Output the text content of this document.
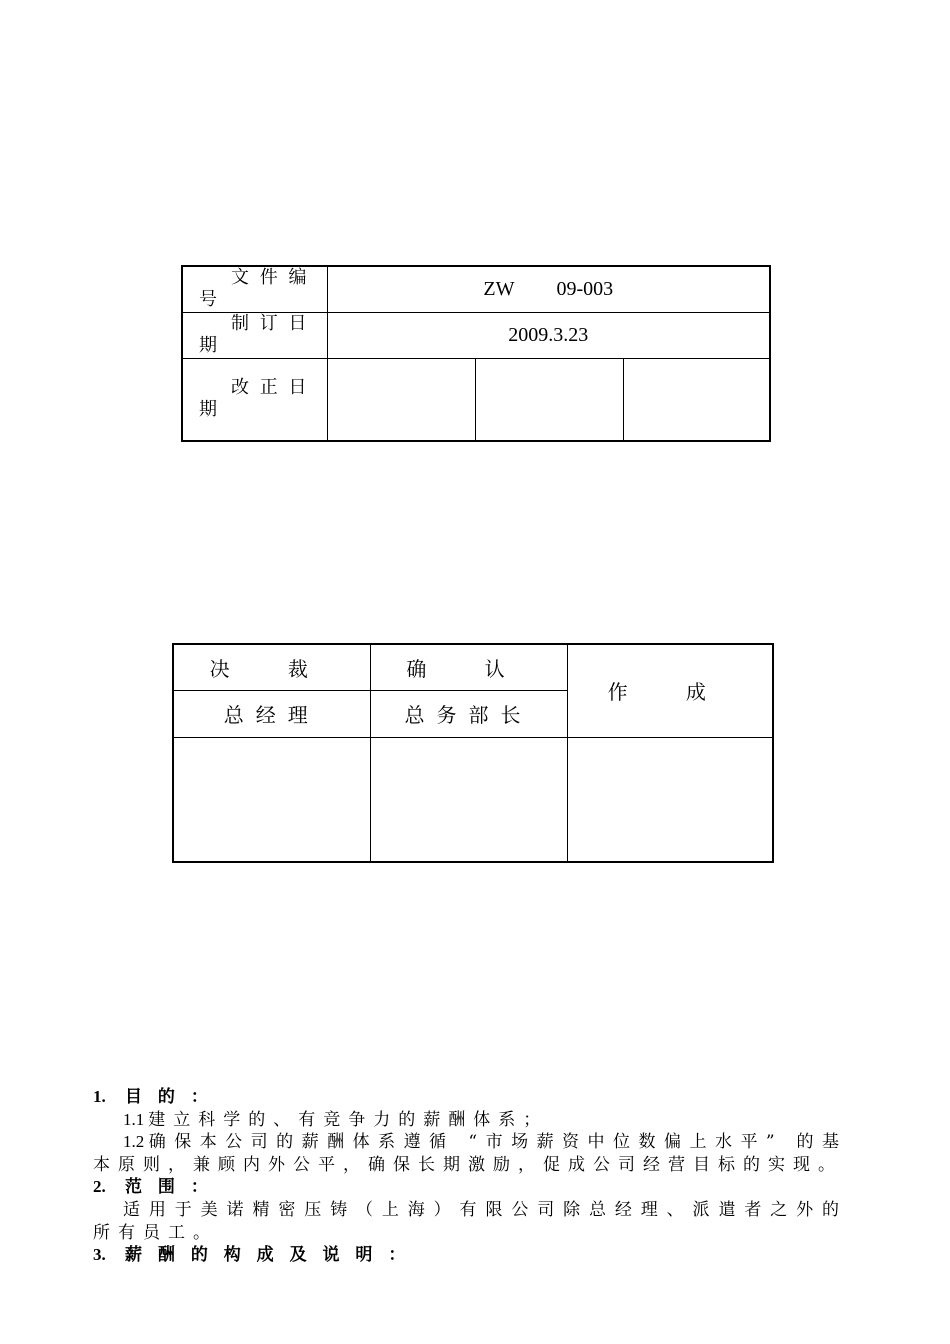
文件编号	ZW 09-003		

制订日期	2009.3.23		

改正日期			

决 裁	确 认	作 成
总经理	总务部长	

1. 目 的 ：

1.1 建立科学的、有竞争力的薪酬体系；

1.2 确保本公司的薪酬体系遵循 “市场薪资中位数偏上水平” 的基本原则，兼顾内外公平，确保长期激励，促成公司经营目标的实现。

2. 范 围 ：

适用于美诺精密压铸（上海）有限公司除总经理、派遣者之外的所有员工。

3. 薪 酬 的 构 成 及 说 明 ：
